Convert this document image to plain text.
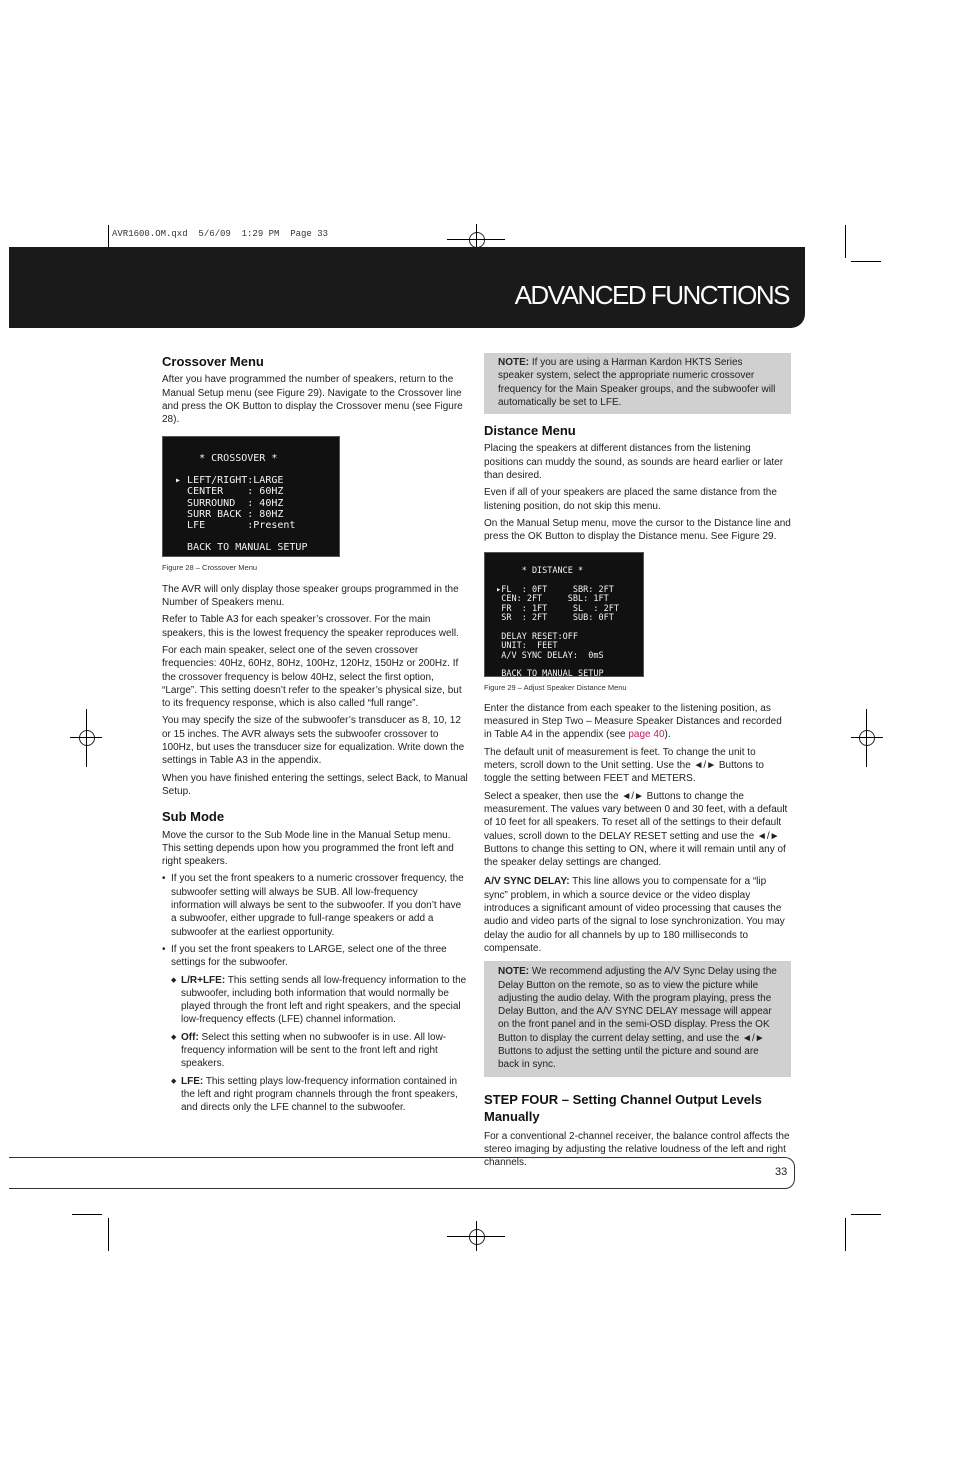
AVR1600.OM.qxd  5/6/09  1:29 PM  Page 33
ADVANCED FUNCTIONS
Crossover Menu

After you have programmed the number of speakers, return to the Manual Setup menu (see Figure 29). Navigate to the Crossover line and press the OK Button to display the Crossover menu (see Figure 28).

* CROSSOVER *

▸ LEFT/RIGHT:LARGE
CENTER    : 60HZ
SURROUND  : 40HZ
SURR BACK : 80HZ
LFE       :Present

BACK TO MANUAL SETUP
Figure 28 – Crossover Menu

The AVR will only display those speaker groups programmed in the Number of Speakers menu.

Refer to Table A3 for each speaker’s crossover. For the main speakers, this is the lowest frequency the speaker reproduces well.

For each main speaker, select one of the seven crossover frequencies: 40Hz, 60Hz, 80Hz, 100Hz, 120Hz, 150Hz or 200Hz. If the crossover frequency is below 40Hz, select the first option, “Large”. This setting doesn’t refer to the speaker’s physical size, but to its frequency response, which is also called “full range”.

You may specify the size of the subwoofer’s transducer as 8, 10, 12 or 15 inches. The AVR always sets the subwoofer crossover to 100Hz, but uses the transducer size for equalization. Write down the settings in Table A3 in the appendix.

When you have finished entering the settings, select Back, to Manual Setup.

Sub Mode

Move the cursor to the Sub Mode line in the Manual Setup menu. This setting depends upon how you programmed the front left and right speakers.

• If you set the front speakers to a numeric crossover frequency, the subwoofer setting will always be SUB. All low-frequency information will always be sent to the subwoofer. If you don’t have a subwoofer, either upgrade to full-range speakers or add a subwoofer at the earliest opportunity.
• If you set the front speakers to LARGE, select one of the three settings for the subwoofer.
◆ L/R+LFE: This setting sends all low-frequency information to the subwoofer, including both information that would normally be played through the front left and right speakers, and the special low-frequency effects (LFE) channel information.
◆ Off: Select this setting when no subwoofer is in use. All low-frequency information will be sent to the front left and right speakers.
◆ LFE: This setting plays low-frequency information contained in the left and right program channels through the front speakers, and directs only the LFE channel to the subwoofer.
NOTE: If you are using a Harman Kardon HKTS Series speaker system, select the appropriate numeric crossover frequency for the Main Speaker groups, and the subwoofer will automatically be set to LFE.
Distance Menu

Placing the speakers at different distances from the listening positions can muddy the sound, as sounds are heard earlier or later than desired.

Even if all of your speakers are placed the same distance from the listening position, do not skip this menu.

On the Manual Setup menu, move the cursor to the Distance line and press the OK Button to display the Distance menu. See Figure 29.

* DISTANCE *

▸FL  : 0FT     SBR: 2FT
CEN: 2FT     SBL: 1FT
FR  : 1FT     SL  : 2FT
SR  : 2FT     SUB: 0FT

DELAY RESET:OFF
UNIT:  FEET
A/V SYNC DELAY:  0mS

BACK TO MANUAL SETUP
Figure 29 – Adjust Speaker Distance Menu

Enter the distance from each speaker to the listening position, as measured in Step Two – Measure Speaker Distances and recorded in Table A4 in the appendix (see page 40).

The default unit of measurement is feet. To change the unit to meters, scroll down to the Unit setting. Use the ◄/► Buttons to toggle the setting between FEET and METERS.

Select a speaker, then use the ◄/► Buttons to change the measurement. The values vary between 0 and 30 feet, with a default of 10 feet for all speakers. To reset all of the settings to their default values, scroll down to the DELAY RESET setting and use the ◄/► Buttons to change this setting to ON, where it will remain until any of the speaker delay settings are changed.

A/V SYNC DELAY: This line allows you to compensate for a “lip sync” problem, in which a source device or the video display introduces a significant amount of video processing that causes the audio and video parts of the signal to lose synchronization. You may delay the audio for all channels by up to 180 milliseconds to compensate.

NOTE: We recommend adjusting the A/V Sync Delay using the Delay Button on the remote, so as to view the picture while adjusting the audio delay. With the program playing, press the Delay Button, and the A/V SYNC DELAY message will appear on the front panel and in the semi-OSD display. Press the OK Button to display the current delay setting, and use the ◄/► Buttons to adjust the setting until the picture and sound are back in sync.
STEP FOUR – Setting Channel Output Levels Manually

For a conventional 2-channel receiver, the balance control affects the stereo imaging by adjusting the relative loudness of the left and right channels.

33
